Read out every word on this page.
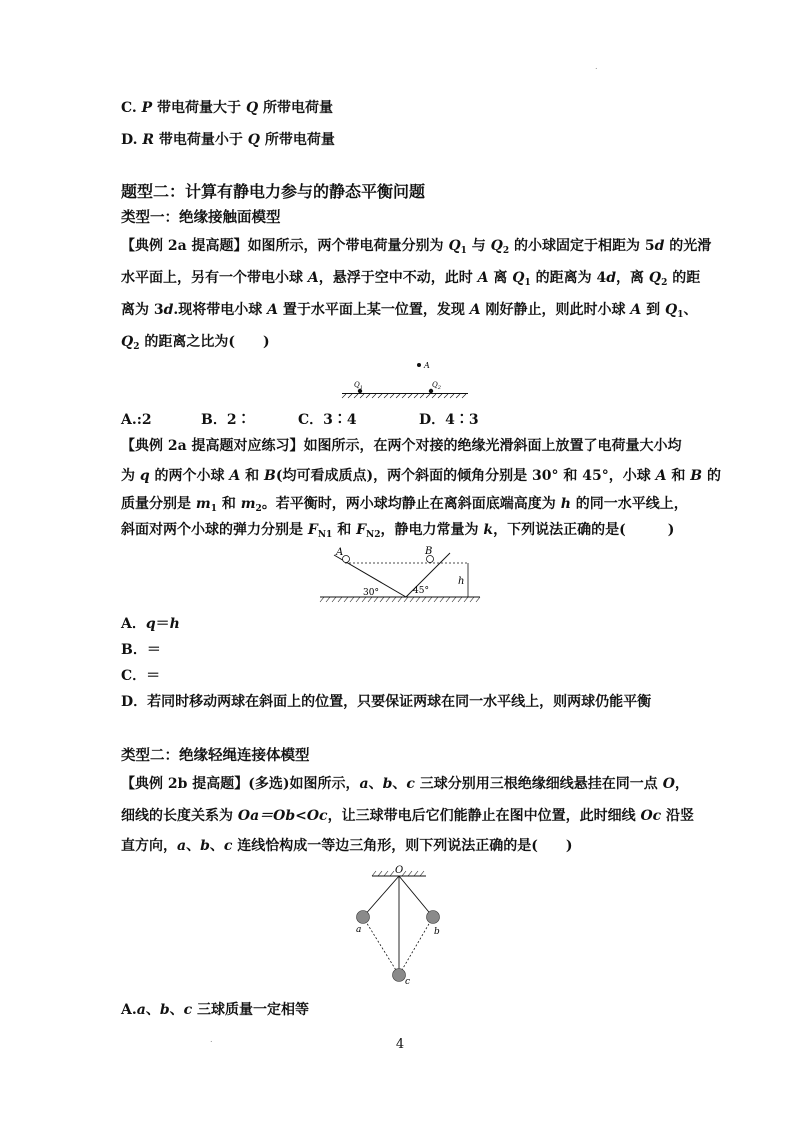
.
.
C. P 带电荷量大于 Q 所带电荷量
D. R 带电荷量小于 Q 所带电荷量
题型二：计算有静电力参与的静态平衡问题
类型一：绝缘接触面模型
【典例 2a 提高题】如图所示，两个带电荷量分别为 $Q_1$ 与 $Q_2$ 的小球固定于相距为 5d 的光滑
水平面上，另有一个带电小球 A，悬浮于空中不动，此时 A 离 $Q_1$ 的距离为 4d，离 $Q_2$ 的距
离为 3d.现将带电小球 A 置于水平面上某一位置，发现 A 刚好静止，则此时小球 A 到 $Q_1$、
$Q_2$ 的距离之比为(　　)
A
$Q_1$	$Q_2$
A.:2	B．2∶	C．3∶4	D．4∶3
【典例 2a 提高题对应练习】如图所示，在两个对接的绝缘光滑斜面上放置了电荷量大小均
为 q 的两个小球 A 和 B(均可看成质点)，两个斜面的倾角分别是 30° 和 45°，小球 A 和 B 的
质量分别是 $m_1$ 和 $m_2$。若平衡时，两小球均静止在离斜面底端高度为 h 的同一水平线上，
斜面对两个小球的弹力分别是 $F_{N1}$ 和 $F_{N2}$，静电力常量为 k，下列说法正确的是(　　　)
A	B
h
30°	45°
A．q＝h
B．＝
C．＝
D．若同时移动两球在斜面上的位置，只要保证两球在同一水平线上，则两球仍能平衡
类型二：绝缘轻绳连接体模型
【典例 2b 提高题】(多选)如图所示，a、b、c 三球分别用三根绝缘细线悬挂在同一点 O，
细线的长度关系为 Oa＝Ob<Oc，让三球带电后它们能静止在图中位置，此时细线 Oc 沿竖
直方向，a、b、c 连线恰构成一等边三角形，则下列说法正确的是(　　)
O
a	b
c
A.a、b、c 三球质量一定相等
4
